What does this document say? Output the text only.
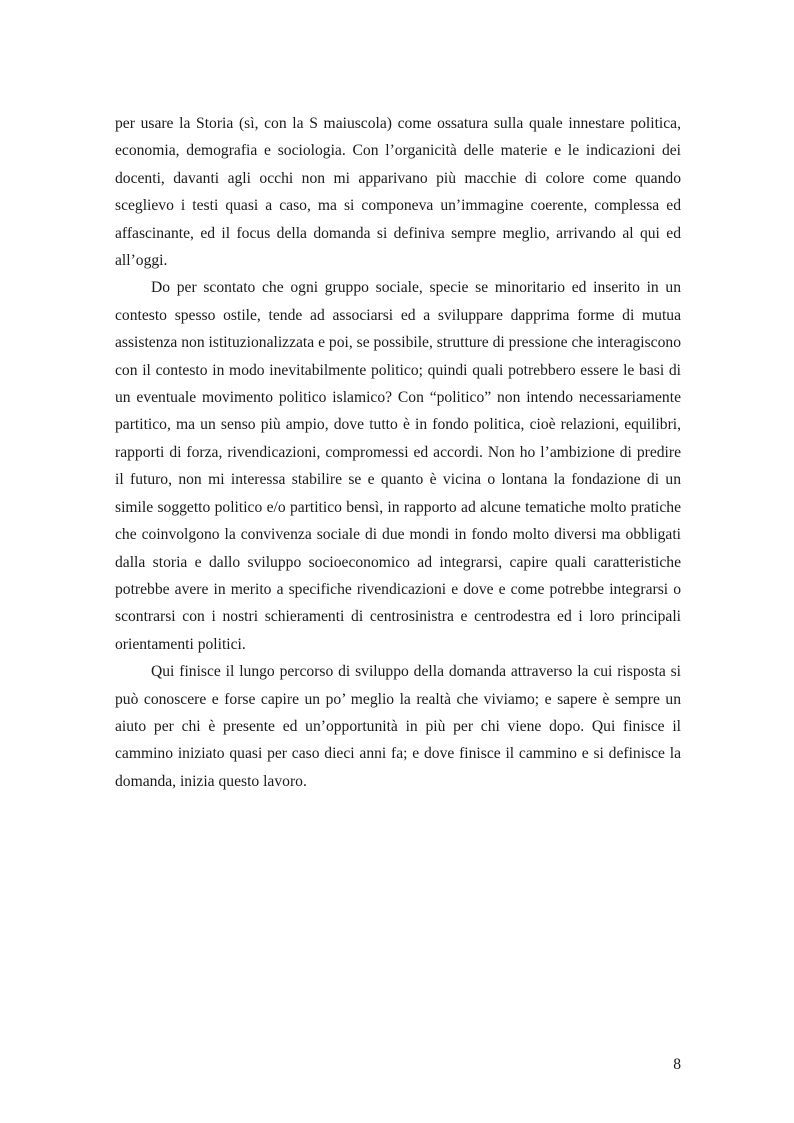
per usare la Storia (sì, con la S maiuscola) come ossatura sulla quale innestare politica, economia, demografia e sociologia. Con l’organicità delle materie e le indicazioni dei docenti, davanti agli occhi non mi apparivano più macchie di colore come quando sceglievo i testi quasi a caso, ma si componeva un’immagine coerente, complessa ed affascinante, ed il focus della domanda si definiva sempre meglio, arrivando al qui ed all’oggi.

Do per scontato che ogni gruppo sociale, specie se minoritario ed inserito in un contesto spesso ostile, tende ad associarsi ed a sviluppare dapprima forme di mutua assistenza non istituzionalizzata e poi, se possibile, strutture di pressione che interagiscono con il contesto in modo inevitabilmente politico; quindi quali potrebbero essere le basi di un eventuale movimento politico islamico? Con “politico” non intendo necessariamente partitico, ma un senso più ampio, dove tutto è in fondo politica, cioè relazioni, equilibri, rapporti di forza, rivendicazioni, compromessi ed accordi. Non ho l’ambizione di predire il futuro, non mi interessa stabilire se e quanto è vicina o lontana la fondazione di un simile soggetto politico e/o partitico bensì, in rapporto ad alcune tematiche molto pratiche che coinvolgono la convivenza sociale di due mondi in fondo molto diversi ma obbligati dalla storia e dallo sviluppo socioeconomico ad integrarsi, capire quali caratteristiche potrebbe avere in merito a specifiche rivendicazioni e dove e come potrebbe integrarsi o scontrarsi con i nostri schieramenti di centrosinistra e centrodestra ed i loro principali orientamenti politici.

Qui finisce il lungo percorso di sviluppo della domanda attraverso la cui risposta si può conoscere e forse capire un po’ meglio la realtà che viviamo; e sapere è sempre un aiuto per chi è presente ed un’opportunità in più per chi viene dopo. Qui finisce il cammino iniziato quasi per caso dieci anni fa; e dove finisce il cammino e si definisce la domanda, inizia questo lavoro.

8
